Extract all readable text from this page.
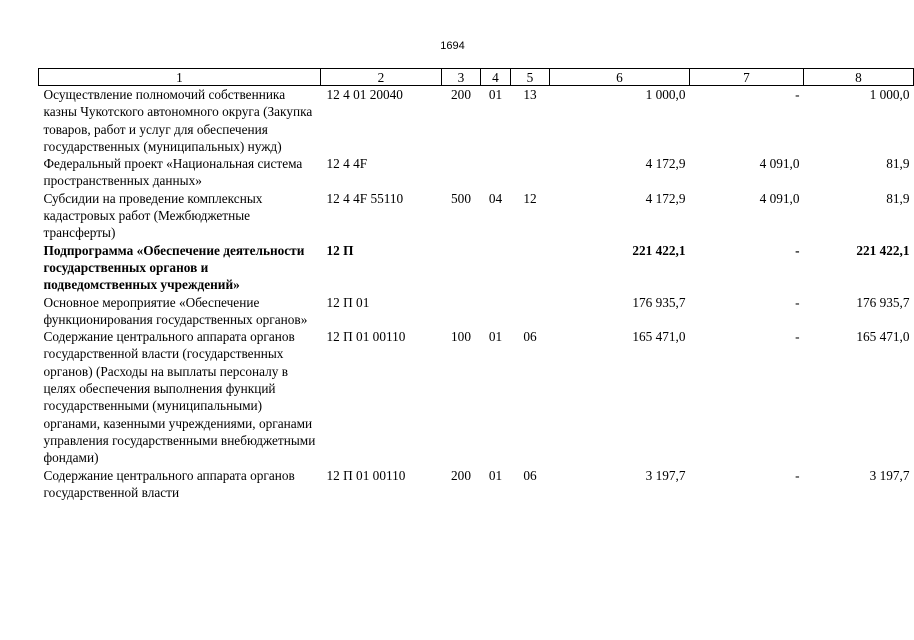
1694
1	2	3	4	5	6	7	8
Осуществление полномочий собственника казны Чукотского автономного округа (Закупка товаров, работ и услуг для обеспечения государственных (муниципальных) нужд)	12 4 01 20040	200	01	13	1 000,0	-	1 000,0
Федеральный проект «Национальная система пространственных данных»	12 4 4F				4 172,9	4 091,0	81,9
Субсидии на проведение комплексных кадастровых работ (Межбюджетные трансферты)	12 4 4F 55110	500	04	12	4 172,9	4 091,0	81,9
Подпрограмма «Обеспечение деятельности государственных органов и подведомственных учреждений»	12 П				221 422,1	-	221 422,1
Основное мероприятие «Обеспечение функционирования государственных органов»	12 П 01				176 935,7	-	176 935,7
Содержание центрального аппарата органов государственной власти (государственных органов) (Расходы на выплаты персоналу в целях обеспечения выполнения функций государственными (муниципальными) органами, казенными учреждениями, органами управления государственными внебюджетными фондами)	12 П 01 00110	100	01	06	165 471,0	-	165 471,0
Содержание центрального аппарата органов государственной власти	12 П 01 00110	200	01	06	3 197,7	-	3 197,7
